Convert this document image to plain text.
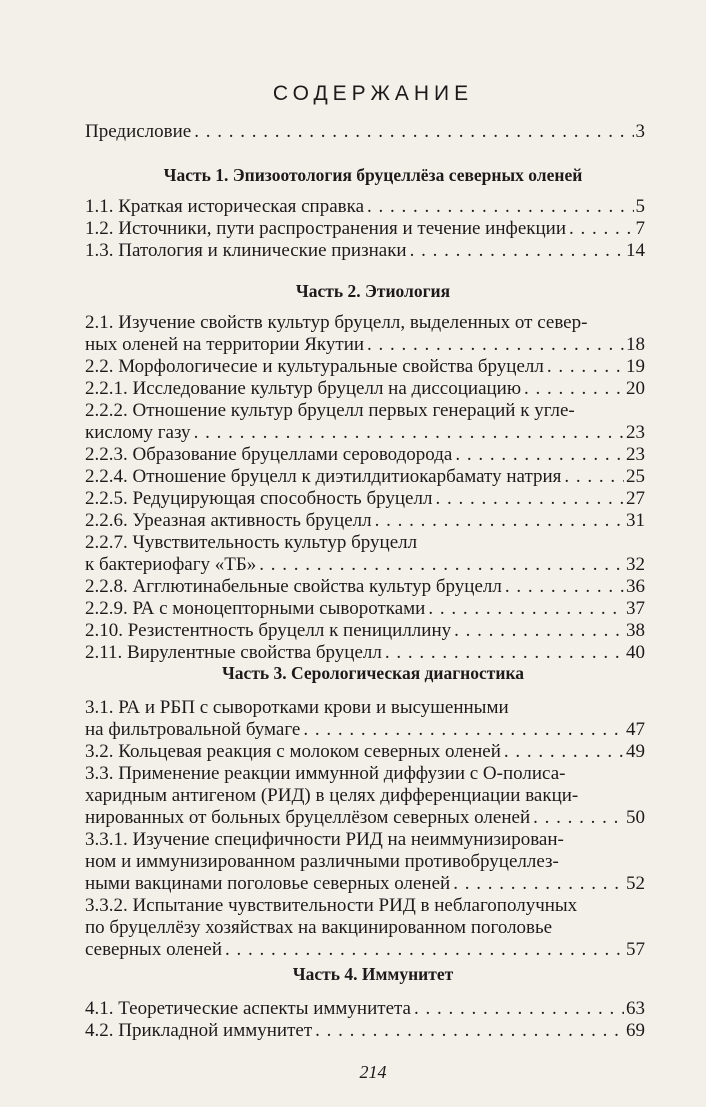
СОДЕРЖАНИЕ
Предисловие . . .	3
Часть 1. Эпизоотология бруцеллёза северных оленей
1.1. Краткая историческая справка . . .	5
1.2. Источники, пути распространения и течение инфекции . . .	7
1.3. Патология и клинические признаки . . .	14
Часть 2. Этиология
2.1. Изучение свойств культур бруцелл, выделенных от север-
ных оленей на территории Якутии . . .	18
2.2. Морфологичесие и культуральные свойства бруцелл . . .	19
2.2.1. Исследование культур бруцелл на диссоциацию . . .	20
2.2.2. Отношение культур бруцелл первых генераций к угле-
кислому газу . . .	23
2.2.3. Образование бруцеллами сероводорода . . .	23
2.2.4. Отношение бруцелл к диэтилдитиокарбамату натрия . . .	25
2.2.5. Редуцирующая способность бруцелл . . .	27
2.2.6. Уреазная активность бруцелл . . .	31
2.2.7. Чувствительность культур бруцелл
к бактериофагу «ТБ» . . .	32
2.2.8. Агглютинабельные свойства культур бруцелл . . .	36
2.2.9. РА с моноцепторными сыворотками . . .	37
2.10. Резистентность бруцелл к пенициллину . . .	38
2.11. Вирулентные свойства бруцелл . . .	40
Часть 3. Серологическая диагностика
3.1. РА и РБП с сыворотками крови и высушенными
на фильтровальной бумаге . . .	47
3.2. Кольцевая реакция с молоком северных оленей . . .	49
3.3. Применение реакции иммунной диффузии с О-полиса-
харидным антигеном (РИД) в целях дифференциации вакци-
нированных от больных бруцеллёзом северных оленей . . .	50
3.3.1. Изучение специфичности РИД на неиммунизирован-
ном и иммунизированном различными противобруцеллез-
ными вакцинами поголовье северных оленей . . .	52
3.3.2. Испытание чувствительности РИД в неблагополучных
по бруцеллёзу хозяйствах на вакцинированном поголовье
северных оленей . . .	57
Часть 4. Иммунитет
4.1. Теоретические аспекты иммунитета . . .	63
4.2. Прикладной иммунитет . . .	69
214
